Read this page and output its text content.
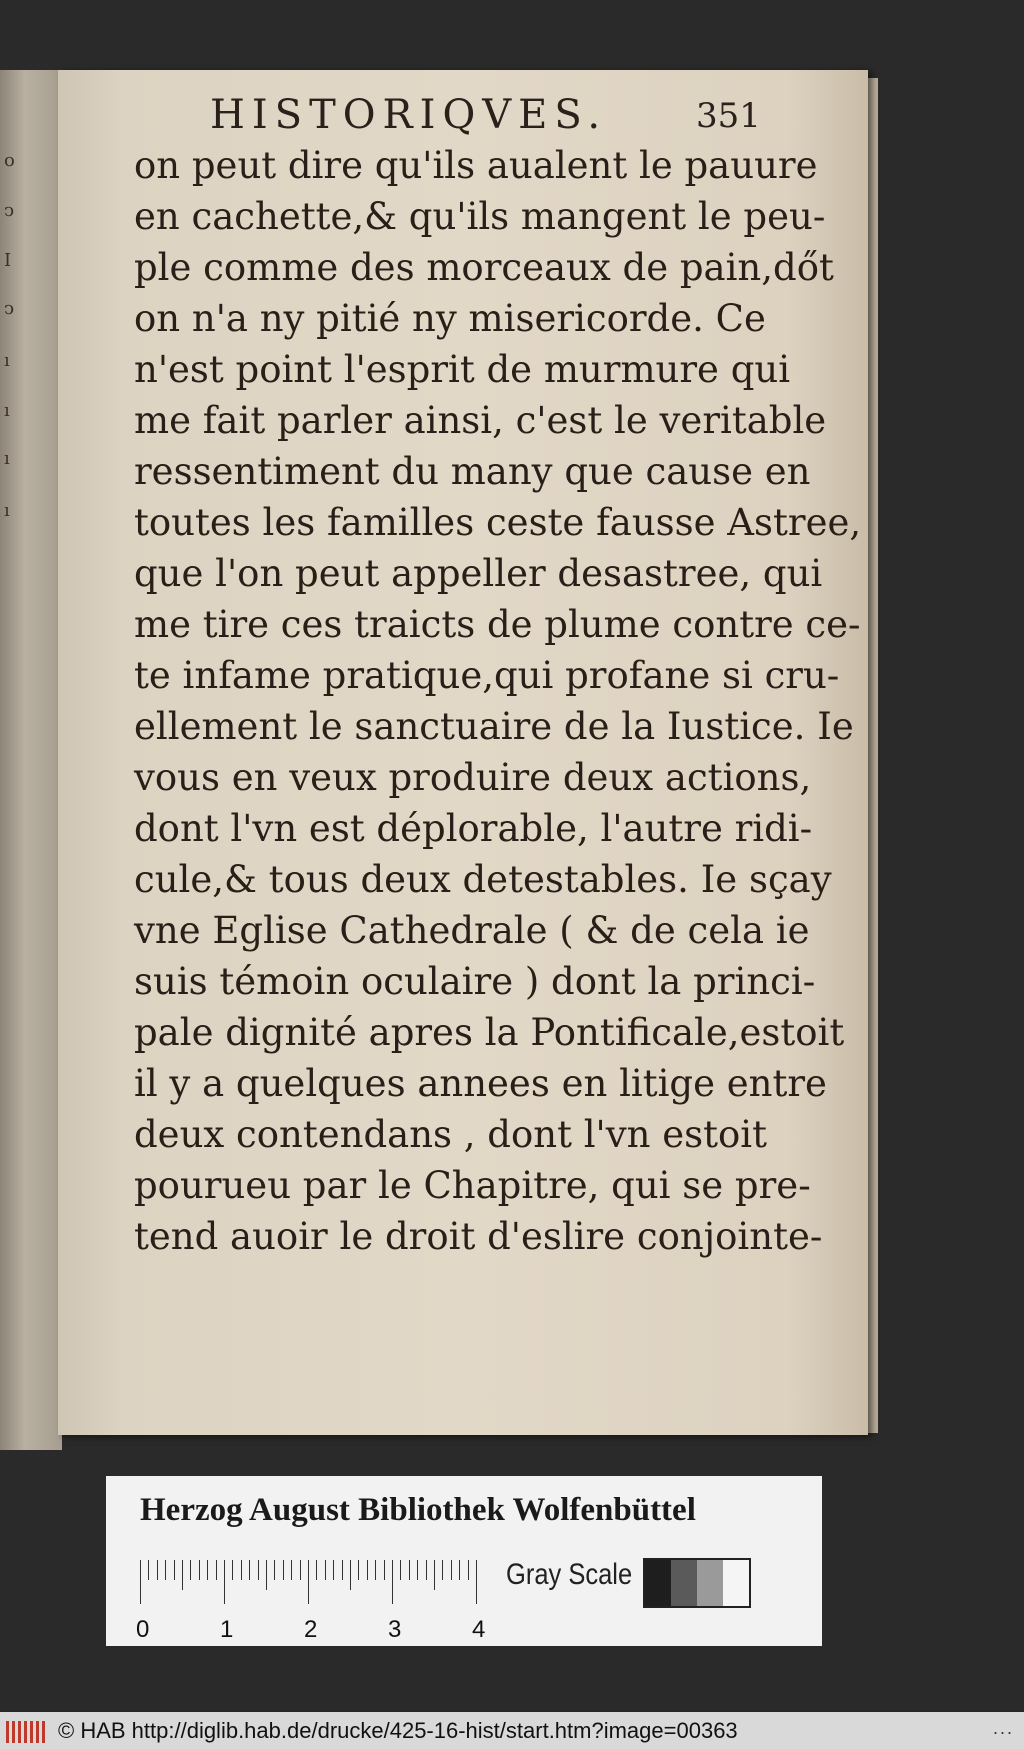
o
ↄ
I
ↄ
ı
ı
ı
ı
HISTORIQVES.	351
on peut dire qu'ils aualent le pauure
en cachette,& qu'ils mangent le peu-
ple comme des morceaux de pain,dőt
on n'a ny pitié ny misericorde. Ce
n'est point l'esprit de murmure qui
me fait parler ainsi, c'est le veritable
ressentiment du many que cause en
toutes les familles ceste fausse Astree,
que l'on peut appeller desastree, qui
me tire ces traicts de plume contre ce-
te infame pratique,qui profane si cru-
ellement le sanctuaire de la Iustice. Ie
vous en veux produire deux actions,
dont l'vn est déplorable, l'autre ridi-
cule,& tous deux detestables. Ie sçay
vne Eglise Cathedrale ( & de cela ie
suis témoin oculaire ) dont la princi-
pale dignité apres la Pontificale,estoit
il y a quelques annees en litige entre
deux contendans , dont l'vn estoit
pourueu par le Chapitre, qui se pre-
tend auoir le droit d'eslire conjointe-
Herzog August Bibliothek Wolfenbüttel
0	1	2	3	4
Gray Scale
© HAB http://diglib.hab.de/drucke/425-16-hist/start.htm?image=00363	...
